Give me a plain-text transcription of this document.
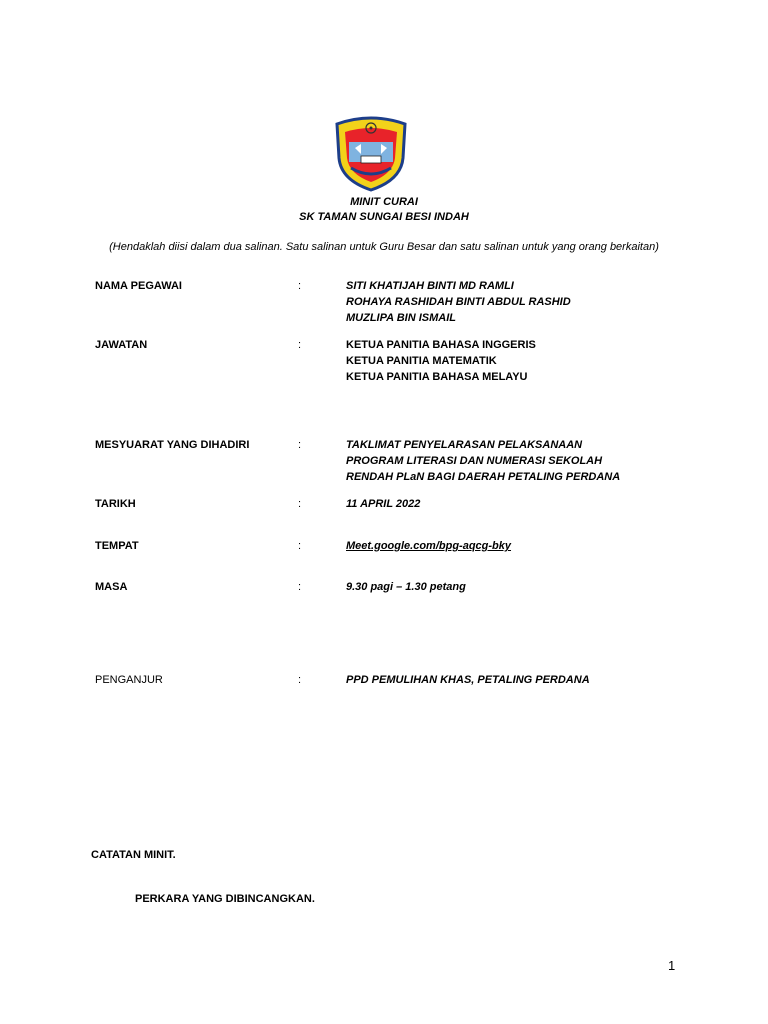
MINIT CURAI
SK TAMAN SUNGAI BESI INDAH
(Hendaklah diisi dalam dua salinan. Satu salinan untuk Guru Besar dan satu salinan untuk yang orang berkaitan)
NAMA PEGAWAI	:	SITI KHATIJAH BINTI MD RAMLI
ROHAYA RASHIDAH BINTI ABDUL RASHID
MUZLIPA BIN ISMAIL
JAWATAN	:	KETUA PANITIA BAHASA INGGERIS
KETUA PANITIA MATEMATIK
KETUA PANITIA BAHASA MELAYU
MESYUARAT YANG DIHADIRI	:	TAKLIMAT PENYELARASAN PELAKSANAAN
PROGRAM LITERASI DAN NUMERASI SEKOLAH
RENDAH PLaN BAGI DAERAH PETALING PERDANA
TARIKH	:	11 APRIL 2022
TEMPAT	:	Meet.google.com/bpg-aqcg-bky
MASA	:	9.30 pagi – 1.30 petang
PENGANJUR	:	PPD PEMULIHAN KHAS, PETALING PERDANA
CATATAN MINIT.
PERKARA YANG DIBINCANGKAN.
1
